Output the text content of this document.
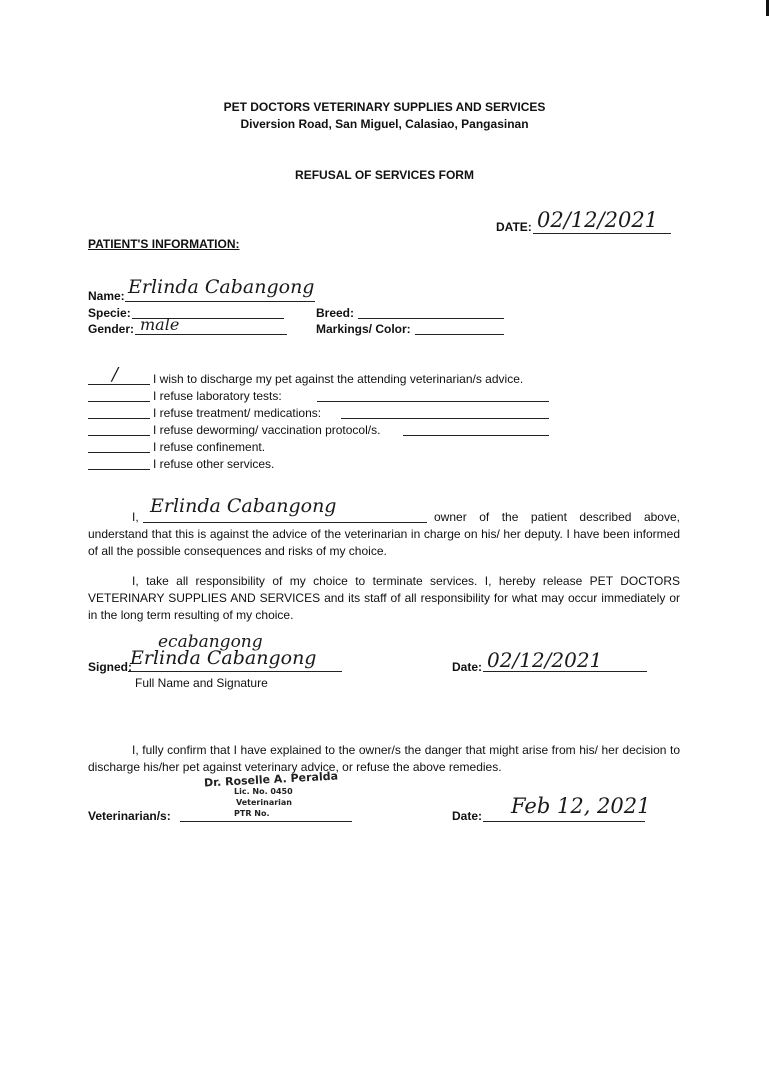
PET DOCTORS VETERINARY SUPPLIES AND SERVICES
Diversion Road, San Miguel, Calasiao, Pangasinan
REFUSAL OF SERVICES FORM
DATE: 02/12/2021
PATIENT'S INFORMATION:
Name: Erlinda Cabangong
Specie:	Breed:
Gender: male	Markings/ Color:
/	I wish to discharge my pet against the attending veterinarian/s advice.
I refuse laboratory tests:
I refuse treatment/ medications:
I refuse deworming/ vaccination protocol/s.
I refuse confinement.
I refuse other services.
I, Erlinda Cabangong	owner of the patient described above, understand that this is against the advice of the veterinarian in charge on his/ her deputy. I have been informed of all the possible consequences and risks of my choice.
I, take all responsibility of my choice to terminate services. I, hereby release PET DOCTORS VETERINARY SUPPLIES AND SERVICES and its staff of all responsibility for what may occur immediately or in the long term resulting of my choice.
ecabangong
Signed:
Erlinda Cabangong
Full Name and Signature
Date: 02/12/2021
I, fully confirm that I have explained to the owner/s the danger that might arise from his/ her decision to discharge his/her pet against veterinary advice, or refuse the above remedies.
Dr. Roselle A. Peralda
Lic. No. 0450
Veterinarian
PTR No.
Veterinarian/s:	Date: Feb 12, 2021
